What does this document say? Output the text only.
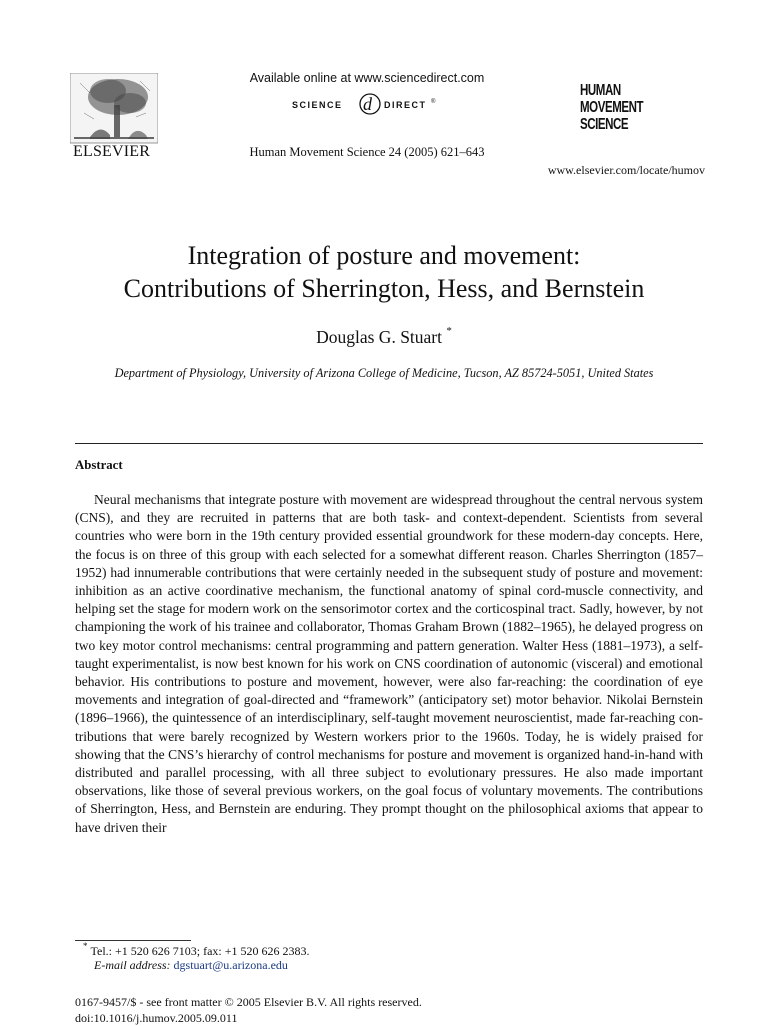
ELSEVIER
Available online at www.sciencedirect.com
SCIENCE d DIRECT ®
Human Movement Science 24 (2005) 621–643
HUMAN
MOVEMENT
SCIENCE
www.elsevier.com/locate/humov
Integration of posture and movement:
Contributions of Sherrington, Hess, and Bernstein
Douglas G. Stuart *
Department of Physiology, University of Arizona College of Medicine, Tucson, AZ 85724-5051, United States
Abstract
Neural mechanisms that integrate posture with movement are widespread throughout the central nervous system (CNS), and they are recruited in patterns that are both task- and context-dependent. Scientists from several countries who were born in the 19th century provided essential groundwork for these modern-day concepts. Here, the focus is on three of this group with each selected for a somewhat different reason. Charles Sherrington (1857–1952) had innumerable contributions that were certainly needed in the subsequent study of posture and movement: inhibition as an active coordinative mechanism, the functional anatomy of spinal cord-muscle connectivity, and helping set the stage for modern work on the sensorimotor cortex and the corticospinal tract. Sadly, however, by not championing the work of his trainee and collaborator, Thomas Graham Brown (1882–1965), he delayed progress on two key motor control mechanisms: central programming and pattern generation. Walter Hess (1881–1973), a self-taught experimentalist, is now best known for his work on CNS coordination of autonomic (visceral) and emotional behavior. His contributions to posture and movement, however, were also far-reaching: the coordination of eye movements and integration of goal-directed and “framework” (anticipatory set) motor behavior. Nikolai Bernstein (1896–1966), the quintessence of an interdisciplinary, self-taught movement neuroscientist, made far-reaching contributions that were barely recognized by Western workers prior to the 1960s. Today, he is widely praised for showing that the CNS’s hierarchy of control mechanisms for posture and movement is organized hand-in-hand with distributed and parallel processing, with all three subject to evolutionary pressures. He also made important observations, like those of several previous workers, on the goal focus of voluntary movements. The contributions of Sherrington, Hess, and Bernstein are enduring. They prompt thought on the philosophical axioms that appear to have driven their
* Tel.: +1 520 626 7103; fax: +1 520 626 2383.
E-mail address: dgstuart@u.arizona.edu
0167-9457/$ - see front matter © 2005 Elsevier B.V. All rights reserved.
doi:10.1016/j.humov.2005.09.011
